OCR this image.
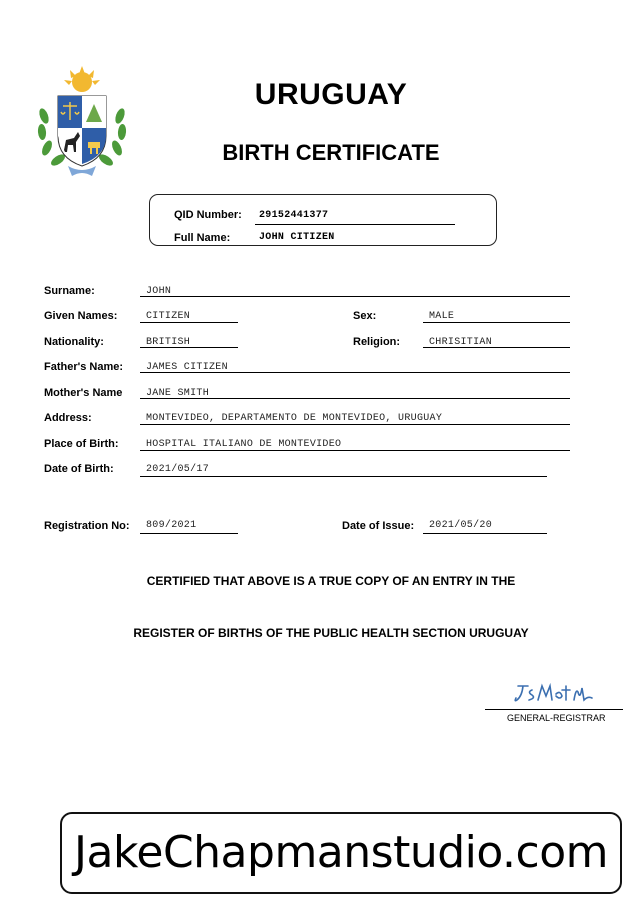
URUGUAY
BIRTH CERTIFICATE
QID Number: 29152441377
Full Name:	JOHN CITIZEN
Surname:	JOHN
Given Names:	CITIZEN	Sex:	MALE
Nationality:	BRITISH	Religion:	CHRISITIAN
Father's Name: JAMES CITIZEN
Mother's Name JANE SMITH
Address:	MONTEVIDEO, DEPARTAMENTO DE MONTEVIDEO, URUGUAY
Place of Birth:	HOSPITAL ITALIANO DE MONTEVIDEO
Date of Birth:	2021/05/17
Registration No: 809/2021	Date of Issue: 2021/05/20
CERTIFIED THAT ABOVE IS A TRUE COPY OF AN ENTRY IN THE
REGISTER OF BIRTHS OF THE PUBLIC HEALTH SECTION URUGUAY
GENERAL-REGISTRAR
JakeChapmanstudio.com
